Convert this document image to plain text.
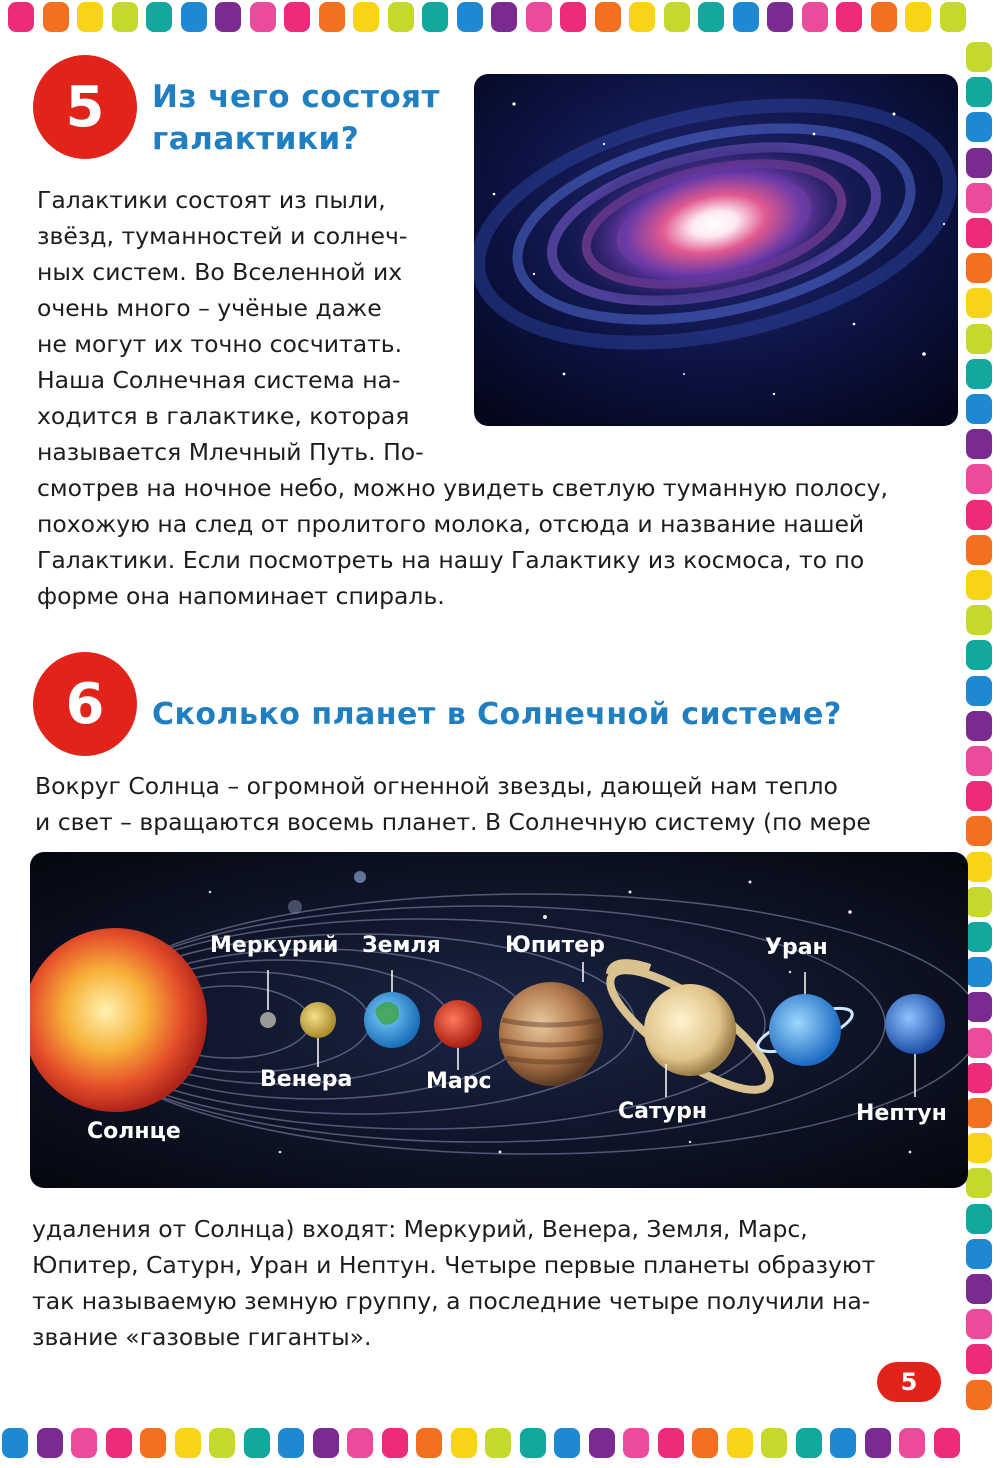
5	Из чего состоят
галактики?
Галактики состоят из пыли,
звёзд, туманностей и солнеч-
ных систем. Во Вселенной их
очень много – учёные даже
не могут их точно сосчитать.
Наша Солнечная система на-
ходится в галактике, которая
называется Млечный Путь. По-
смотрев на ночное небо, можно увидеть светлую туманную полосу,
похожую на след от пролитого молока, отсюда и название нашей
Галактики. Если посмотреть на нашу Галактику из космоса, то по
форме она напоминает спираль.
6	Сколько планет в Солнечной системе?
Вокруг Солнца – огромной огненной звезды, дающей нам тепло
и свет – вращаются восемь планет. В Солнечную систему (по мере
Меркурий Земля	Юпитер	Уран
Венера	Марс
Сатурн	Нептун
Солнце
удаления от Солнца) входят: Меркурий, Венера, Земля, Марс,
Юпитер, Сатурн, Уран и Нептун. Четыре первые планеты образуют
так называемую земную группу, а последние четыре получили на-
звание «газовые гиганты».
5
